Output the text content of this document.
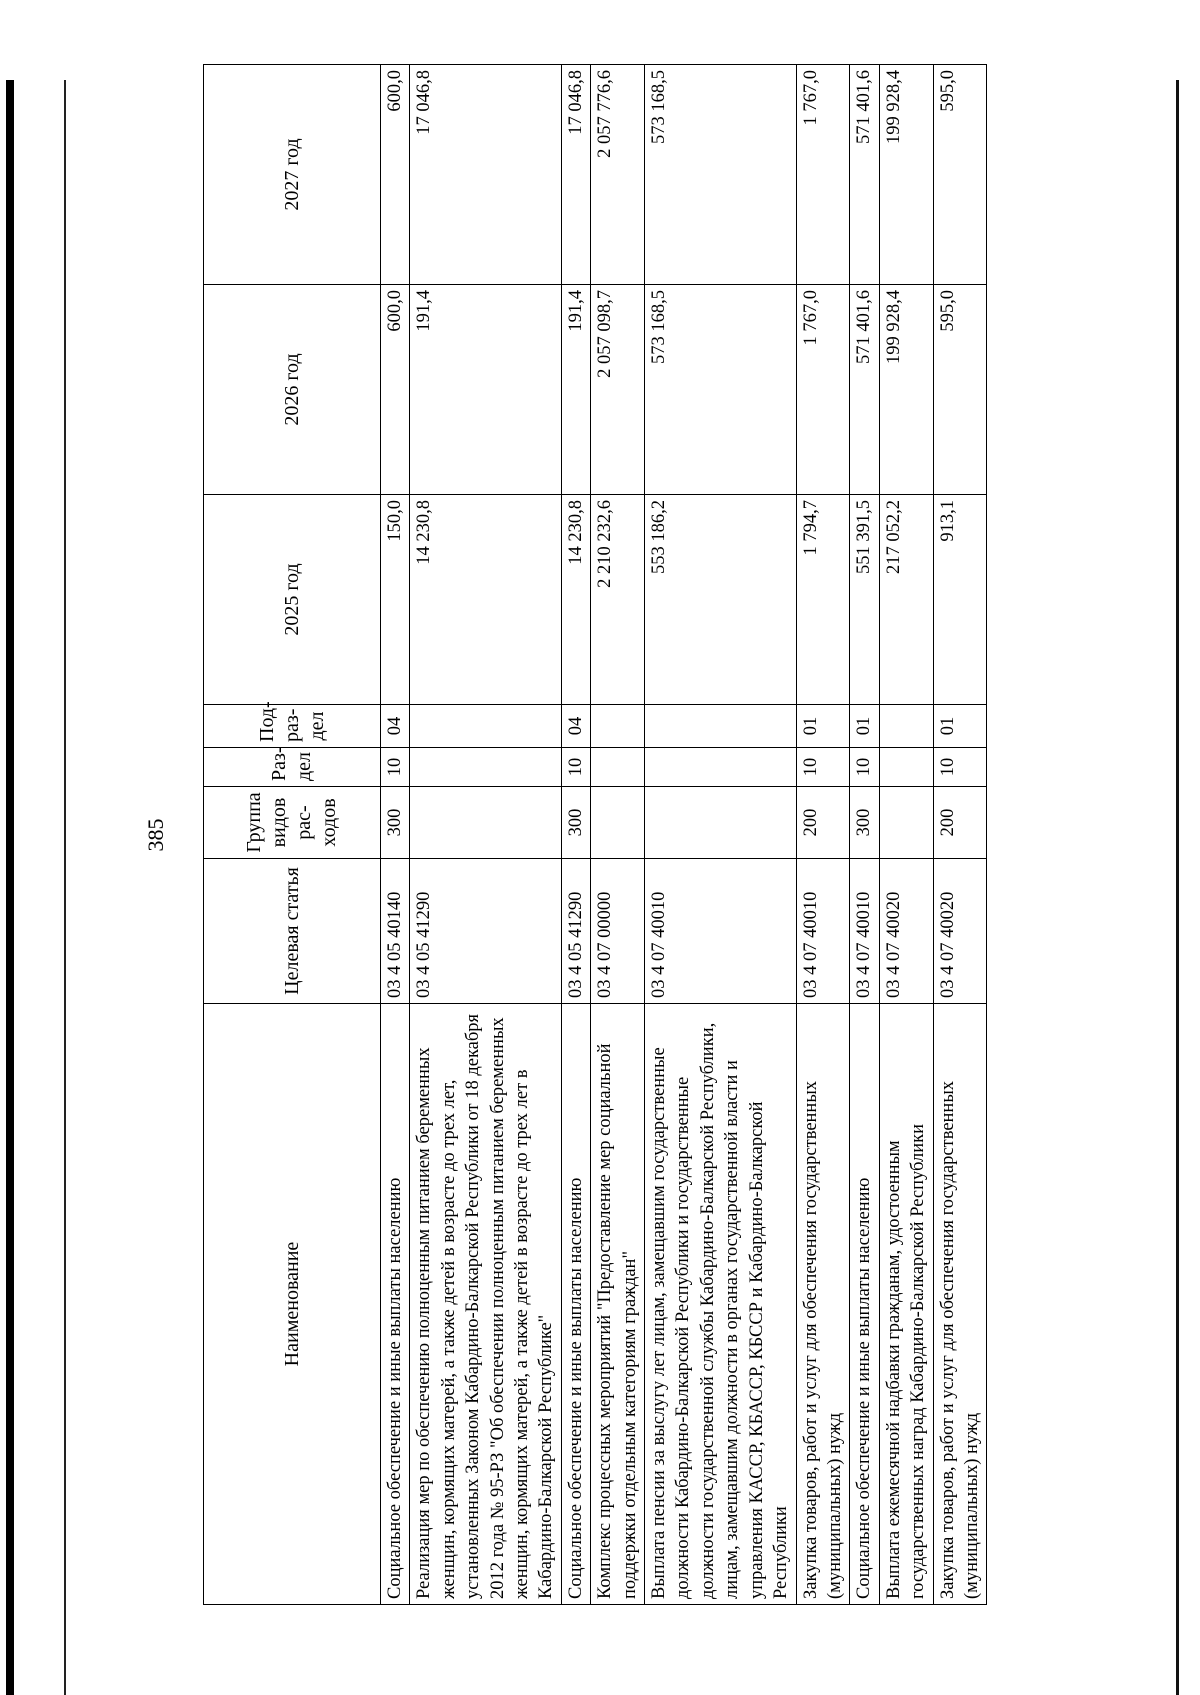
385
Наименование	Целевая статья	Группа видов рас-ходов	Раз-дел	Под-раз-дел	2025 год	2026 год	2027 год
Социальное обеспечение и иные выплаты населению	03 4 05 40140	300	10	04	150,0	600,0	600,0
Реализация мер по обеспечению полноценным питанием беременных женщин, кормящих матерей, а также детей в возрасте до трех лет, установленных Законом Кабардино-Балкарской Республики от 18 декабря 2012 года № 95-РЗ "Об обеспечении полноценным питанием беременных женщин, кормящих матерей, а также детей в возрасте до трех лет в Кабардино-Балкарской Республике"	03 4 05 41290				14 230,8	191,4	17 046,8
Социальное обеспечение и иные выплаты населению	03 4 05 41290	300	10	04	14 230,8	191,4	17 046,8
Комплекс процессных мероприятий "Предоставление мер социальной поддержки отдельным категориям граждан"	03 4 07 00000				2 210 232,6	2 057 098,7	2 057 776,6
Выплата пенсии за выслугу лет лицам, замещавшим государственные должности Кабардино-Балкарской Республики и государственные должности государственной службы Кабардино-Балкарской Республики, лицам, замещавшим должности в органах государственной власти и управления КАССР, КБАССР, КБССР и Кабардино-Балкарской Республики	03 4 07 40010				553 186,2	573 168,5	573 168,5
Закупка товаров, работ и услуг для обеспечения государственных (муниципальных) нужд	03 4 07 40010	200	10	01	1 794,7	1 767,0	1 767,0
Социальное обеспечение и иные выплаты населению	03 4 07 40010	300	10	01	551 391,5	571 401,6	571 401,6
Выплата ежемесячной надбавки гражданам, удостоенным государственных наград Кабардино-Балкарской Республики	03 4 07 40020				217 052,2	199 928,4	199 928,4
Закупка товаров, работ и услуг для обеспечения государственных (муниципальных) нужд	03 4 07 40020	200	10	01	913,1	595,0	595,0
